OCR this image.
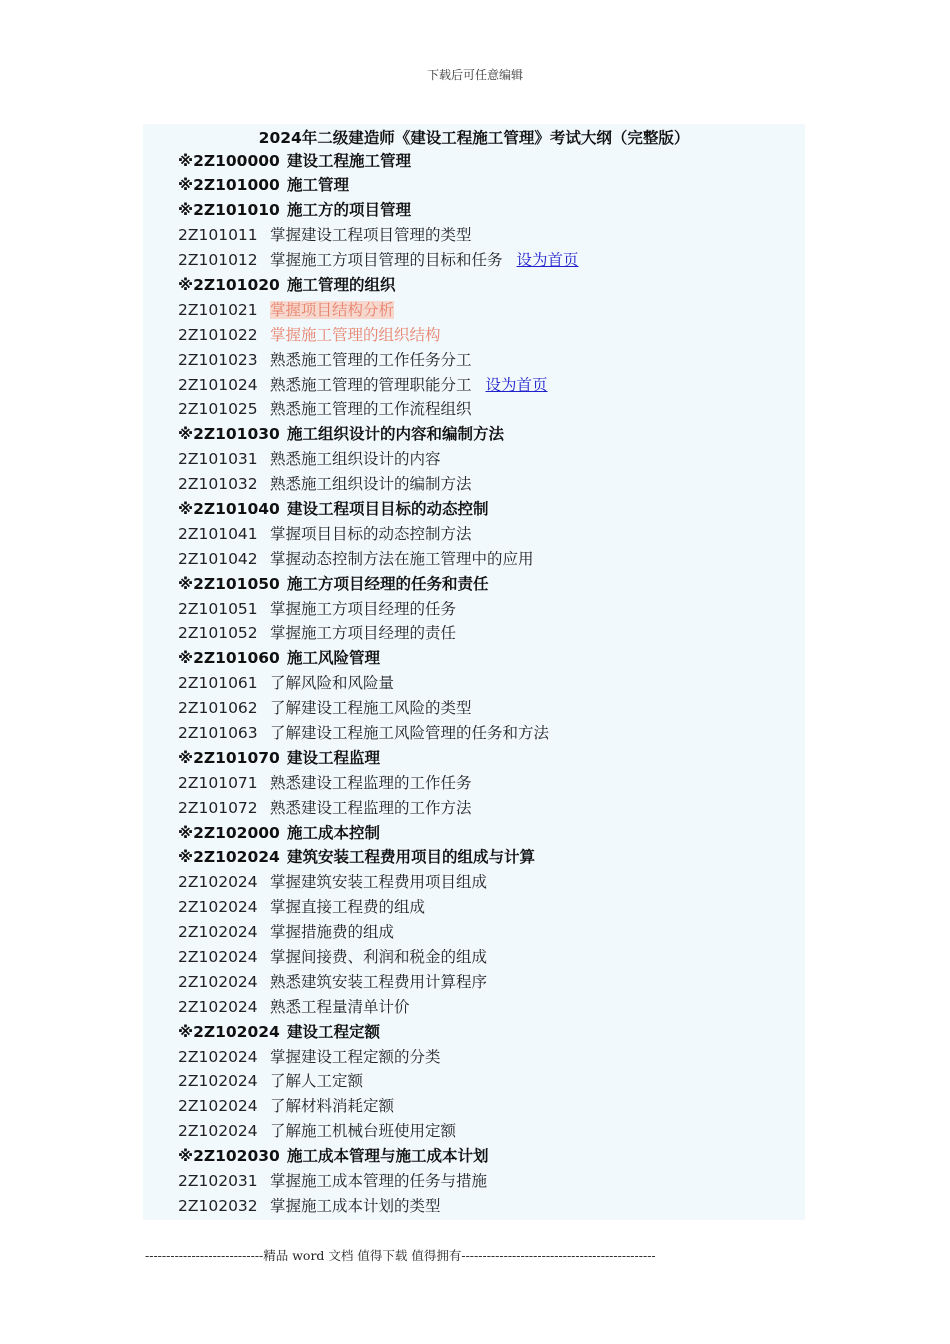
下载后可任意编辑
2024年二级建造师《建设工程施工管理》考试大纲（完整版）
※2Z100000 建设工程施工管理
※2Z101000 施工管理
※2Z101010 施工方的项目管理
2Z101011 掌握建设工程项目管理的类型
2Z101012 掌握施工方项目管理的目标和任务 设为首页
※2Z101020 施工管理的组织
2Z101021 掌握项目结构分析
2Z101022 掌握施工管理的组织结构
2Z101023 熟悉施工管理的工作任务分工
2Z101024 熟悉施工管理的管理职能分工 设为首页
2Z101025 熟悉施工管理的工作流程组织
※2Z101030 施工组织设计的内容和编制方法
2Z101031 熟悉施工组织设计的内容
2Z101032 熟悉施工组织设计的编制方法
※2Z101040 建设工程项目目标的动态控制
2Z101041 掌握项目目标的动态控制方法
2Z101042 掌握动态控制方法在施工管理中的应用
※2Z101050 施工方项目经理的任务和责任
2Z101051 掌握施工方项目经理的任务
2Z101052 掌握施工方项目经理的责任
※2Z101060 施工风险管理
2Z101061 了解风险和风险量
2Z101062 了解建设工程施工风险的类型
2Z101063 了解建设工程施工风险管理的任务和方法
※2Z101070 建设工程监理
2Z101071 熟悉建设工程监理的工作任务
2Z101072 熟悉建设工程监理的工作方法
※2Z102000 施工成本控制
※2Z102024 建筑安装工程费用项目的组成与计算
2Z102024 掌握建筑安装工程费用项目组成
2Z102024 掌握直接工程费的组成
2Z102024 掌握措施费的组成
2Z102024 掌握间接费、利润和税金的组成
2Z102024 熟悉建筑安装工程费用计算程序
2Z102024 熟悉工程量清单计价
※2Z102024 建设工程定额
2Z102024 掌握建设工程定额的分类
2Z102024 了解人工定额
2Z102024 了解材料消耗定额
2Z102024 了解施工机械台班使用定额
※2Z102030 施工成本管理与施工成本计划
2Z102031 掌握施工成本管理的任务与措施
2Z102032 掌握施工成本计划的类型
----------------------------精品 word 文档 值得下载 值得拥有----------------------------------------------
